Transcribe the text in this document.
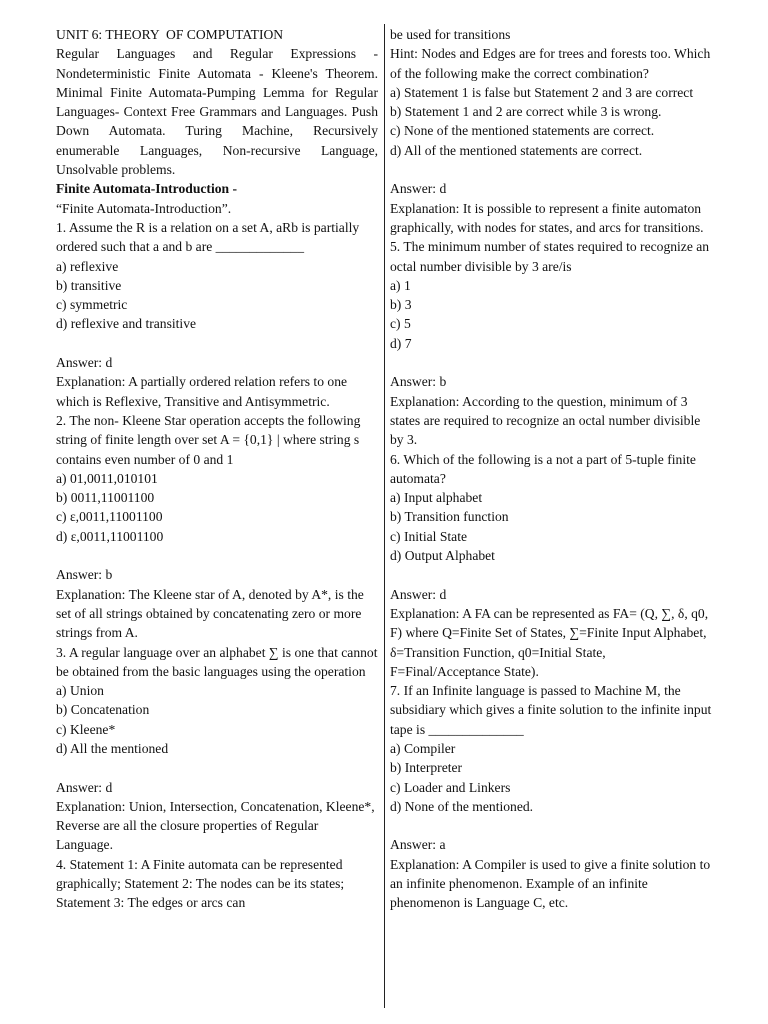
UNIT 6: THEORY  OF COMPUTATION

Regular Languages and Regular Expressions - Nondeterministic Finite Automata - Kleene's Theorem. Minimal Finite Automata-Pumping Lemma for Regular Languages- Context Free Grammars and Languages. Push Down Automata. Turing Machine, Recursively enumerable Languages, Non-recursive Language, Unsolvable problems.

Finite Automata-Introduction -
“Finite Automata-Introduction”.

1. Assume the R is a relation on a set A, aRb is partially ordered such that a and b are _____________

a) reflexive
b) transitive
c) symmetric
d) reflexive and transitive
Answer: d

Explanation: A partially ordered relation refers to one which is Reflexive, Transitive and Antisymmetric.

2. The non- Kleene Star operation accepts the following string of finite length over set A = {0,1} | where string s contains even number of 0 and 1

a) 01,0011,010101
b) 0011,11001100
c) ε,0011,11001100
d) ε,0011,11001100
Answer: b

Explanation: The Kleene star of A, denoted by A*, is the set of all strings obtained by concatenating zero or more strings from A.

3. A regular language over an alphabet ∑ is one that cannot be obtained from the basic languages using the operation

a) Union
b) Concatenation
c) Kleene*
d) All the mentioned
Answer: d

Explanation: Union, Intersection, Concatenation, Kleene*, Reverse are all the closure properties of Regular Language.

4. Statement 1: A Finite automata can be represented graphically; Statement 2: The nodes can be its states; Statement 3: The edges or arcs can

be used for transitions

Hint: Nodes and Edges are for trees and forests too. Which of the following make the correct combination?

a) Statement 1 is false but Statement 2 and 3 are correct

b) Statement 1 and 2 are correct while 3 is wrong.
c) None of the mentioned statements are correct.
d) All of the mentioned statements are correct.
Answer: d

Explanation: It is possible to represent a finite automaton graphically, with nodes for states, and arcs for transitions.

5. The minimum number of states required to recognize an octal number divisible by 3 are/is

a) 1
b) 3
c) 5
d) 7
Answer: b

Explanation: According to the question, minimum of 3 states are required to recognize an octal number divisible by 3.

6. Which of the following is a not a part of 5-tuple finite automata?

a) Input alphabet
b) Transition function
c) Initial State
d) Output Alphabet
Answer: d

Explanation: A FA can be represented as FA= (Q, ∑, δ, q0, F) where Q=Finite Set of States, ∑=Finite Input Alphabet, δ=Transition Function, q0=Initial State, F=Final/Acceptance State).

7. If an Infinite language is passed to Machine M, the subsidiary which gives a finite solution to the infinite input tape is ______________

a) Compiler
b) Interpreter
c) Loader and Linkers
d) None of the mentioned.
Answer: a

Explanation: A Compiler is used to give a finite solution to an infinite phenomenon. Example of an infinite phenomenon is Language C, etc.
